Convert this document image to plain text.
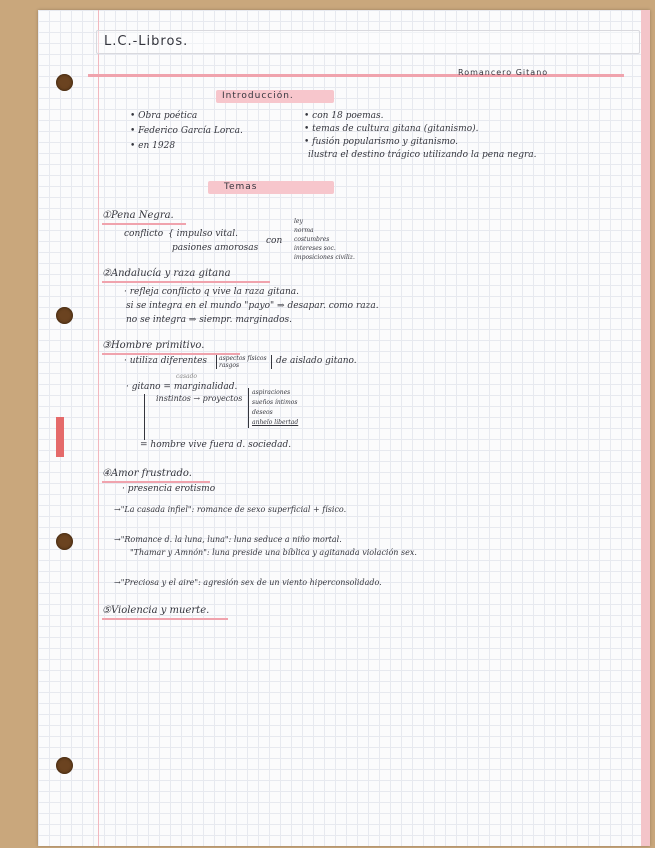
L.C.-Libros.
Romancero Gitano
Introducción.
• Obra poética
• Federico García Lorca.
• en 1928
• con 18 poemas.
• temas de cultura gitana (gitanismo).
• fusión popularismo y gitanismo.
ilustra el destino trágico utilizando la pena negra.
Temas
①Pena Negra.
conflicto { impulso vital.
pasiones amorosas
con
ley
norma
costumbres
intereses soc.
imposiciones civiliz.
②Andalucía y raza gitana
· refleja conflicto q vive la raza gitana.
si se integra en el mundo "payo" ⇒ desapar. como raza.
no se integra ⇒ siempr. marginados.
③Hombre primitivo.
· utiliza diferentes	aspectos físicos rasgos	de aislado gitano.
casado
· gitano = marginalidad.
instintos → proyectos
aspiraciones
sueños íntimos
deseos
anhelo libertad
= hombre vive fuera d. sociedad.
④Amor frustrado.
· presencia erotismo
→"La casada infiel": romance de sexo superficial + físico.
→"Romance d. la luna, luna": luna seduce a niño mortal.
"Thamar y Amnón": luna preside una bíblica y agitanada violación sex.
→"Preciosa y el aire": agresión sex de un viento hiperconsolidado.
⑤Violencia y muerte.
